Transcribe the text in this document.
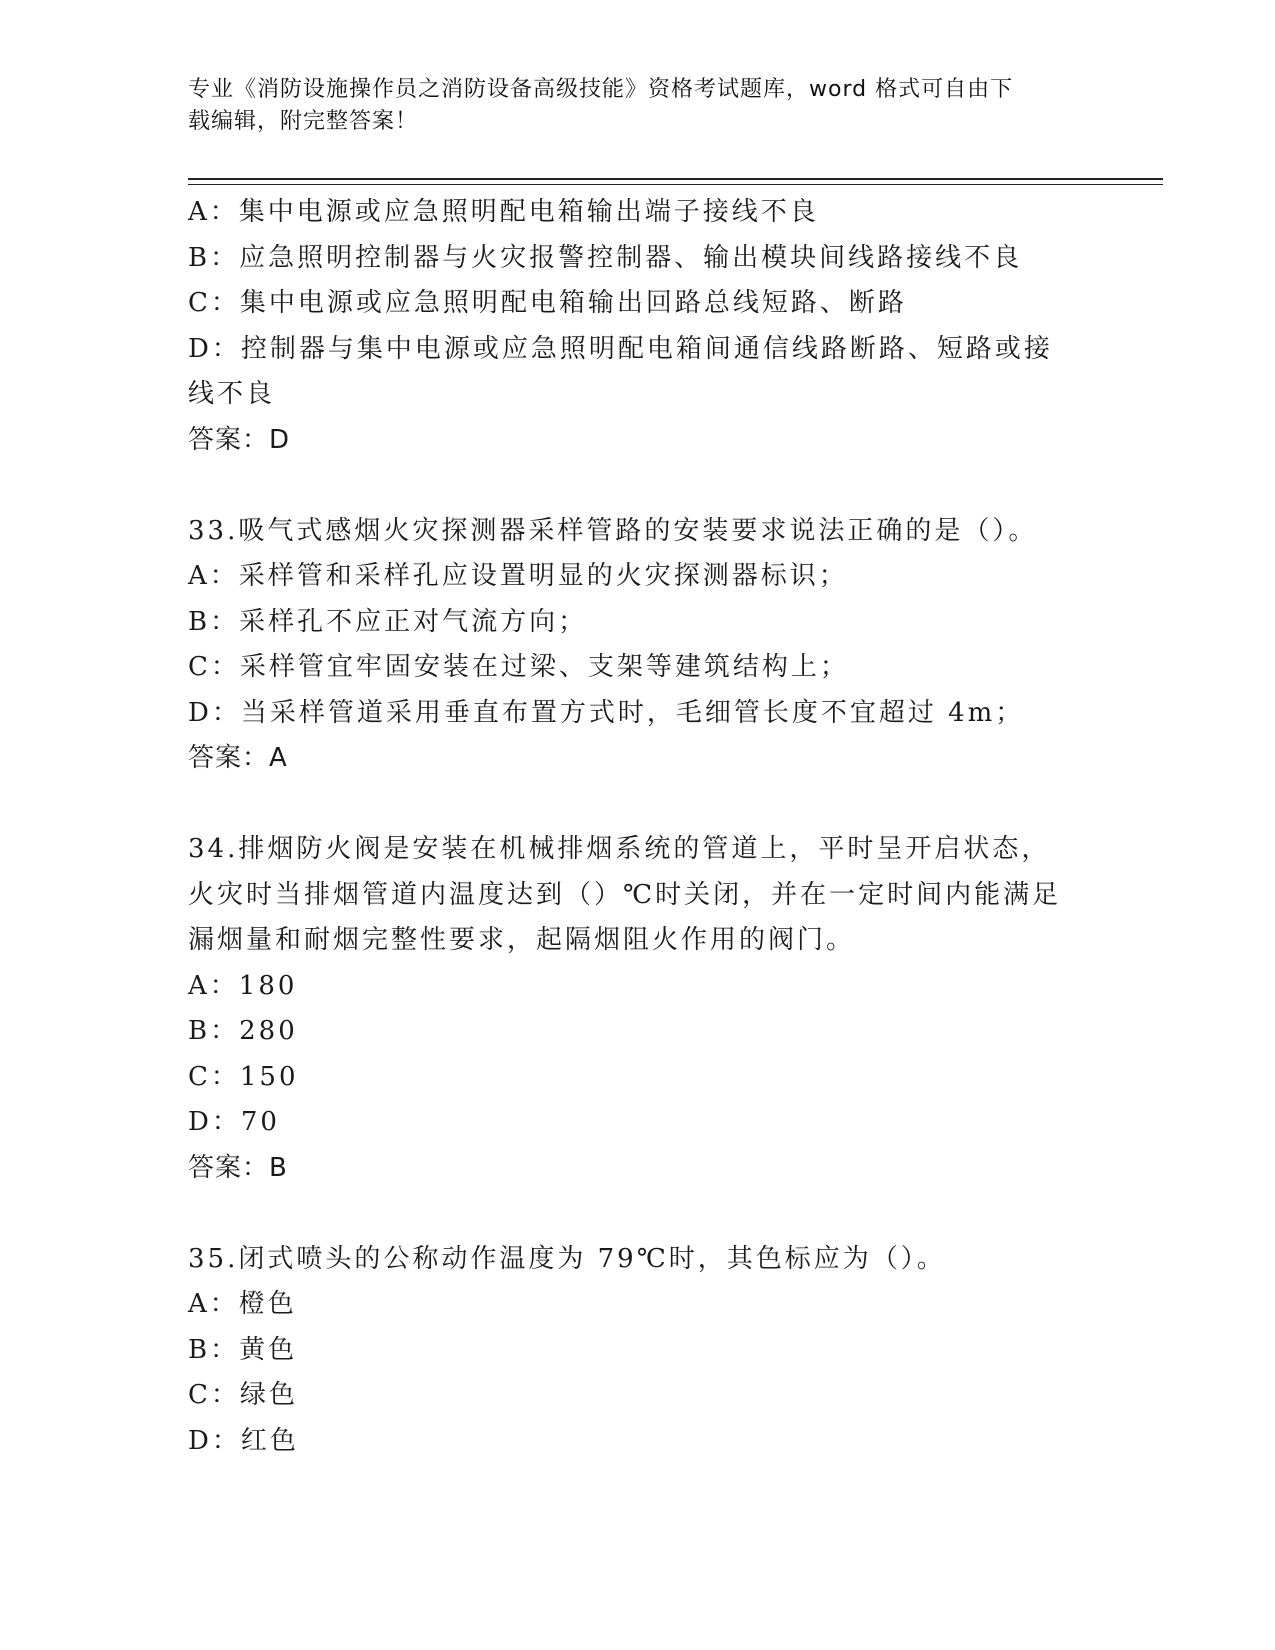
专业《消防设施操作员之消防设备高级技能》资格考试题库，word 格式可自由下
载编辑，附完整答案！
A：集中电源或应急照明配电箱输出端子接线不良
B：应急照明控制器与火灾报警控制器、输出模块间线路接线不良
C：集中电源或应急照明配电箱输出回路总线短路、断路
D：控制器与集中电源或应急照明配电箱间通信线路断路、短路或接线不良
答案：D
33.吸气式感烟火灾探测器采样管路的安装要求说法正确的是（）。
A：采样管和采样孔应设置明显的火灾探测器标识；
B：采样孔不应正对气流方向；
C：采样管宜牢固安装在过梁、支架等建筑结构上；
D：当采样管道采用垂直布置方式时，毛细管长度不宜超过 4m；
答案：A
34.排烟防火阀是安装在机械排烟系统的管道上，平时呈开启状态，火灾时当排烟管道内温度达到（）℃时关闭，并在一定时间内能满足漏烟量和耐烟完整性要求，起隔烟阻火作用的阀门。
A：180
B：280
C：150
D：70
答案：B
35.闭式喷头的公称动作温度为 79℃时，其色标应为（）。
A：橙色
B：黄色
C：绿色
D：红色
